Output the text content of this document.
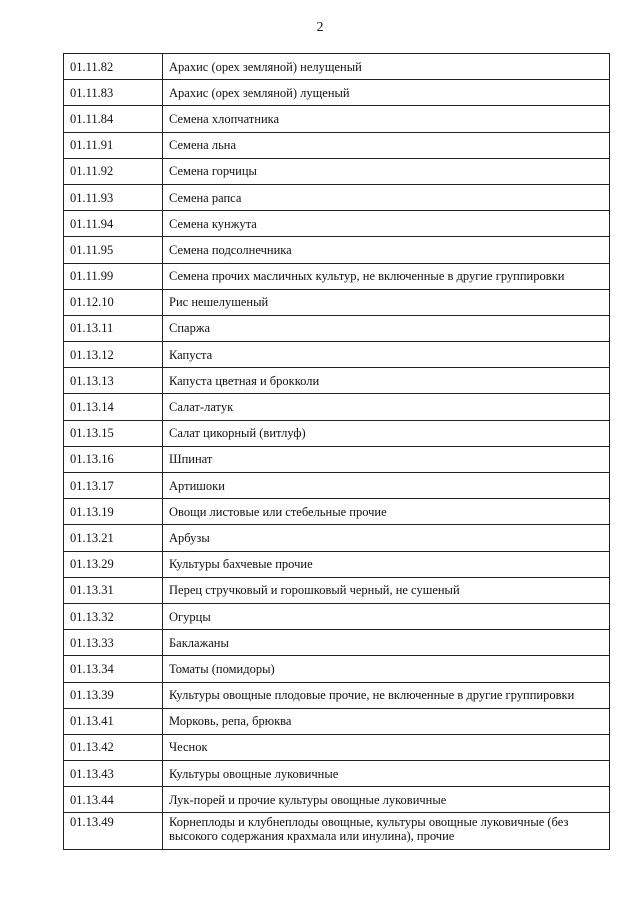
2
01.11.82	Арахис (орех земляной) нелущеный
01.11.83	Арахис (орех земляной) лущеный
01.11.84	Семена хлопчатника
01.11.91	Семена льна
01.11.92	Семена горчицы
01.11.93	Семена рапса
01.11.94	Семена кунжута
01.11.95	Семена подсолнечника
01.11.99	Семена прочих масличных культур, не включенные в другие группировки
01.12.10	Рис нешелушеный
01.13.11	Спаржа
01.13.12	Капуста
01.13.13	Капуста цветная и брокколи
01.13.14	Салат-латук
01.13.15	Салат цикорный (витлуф)
01.13.16	Шпинат
01.13.17	Артишоки
01.13.19	Овощи листовые или стебельные прочие
01.13.21	Арбузы
01.13.29	Культуры бахчевые прочие
01.13.31	Перец стручковый и горошковый черный, не сушеный
01.13.32	Огурцы
01.13.33	Баклажаны
01.13.34	Томаты (помидоры)
01.13.39	Культуры овощные плодовые прочие, не включенные в другие группировки
01.13.41	Морковь, репа, брюква
01.13.42	Чеснок
01.13.43	Культуры овощные луковичные
01.13.44	Лук-порей и прочие культуры овощные луковичные
01.13.49	Корнеплоды и клубнеплоды овощные, культуры овощные луковичные (без высокого содержания крахмала или инулина), прочие
